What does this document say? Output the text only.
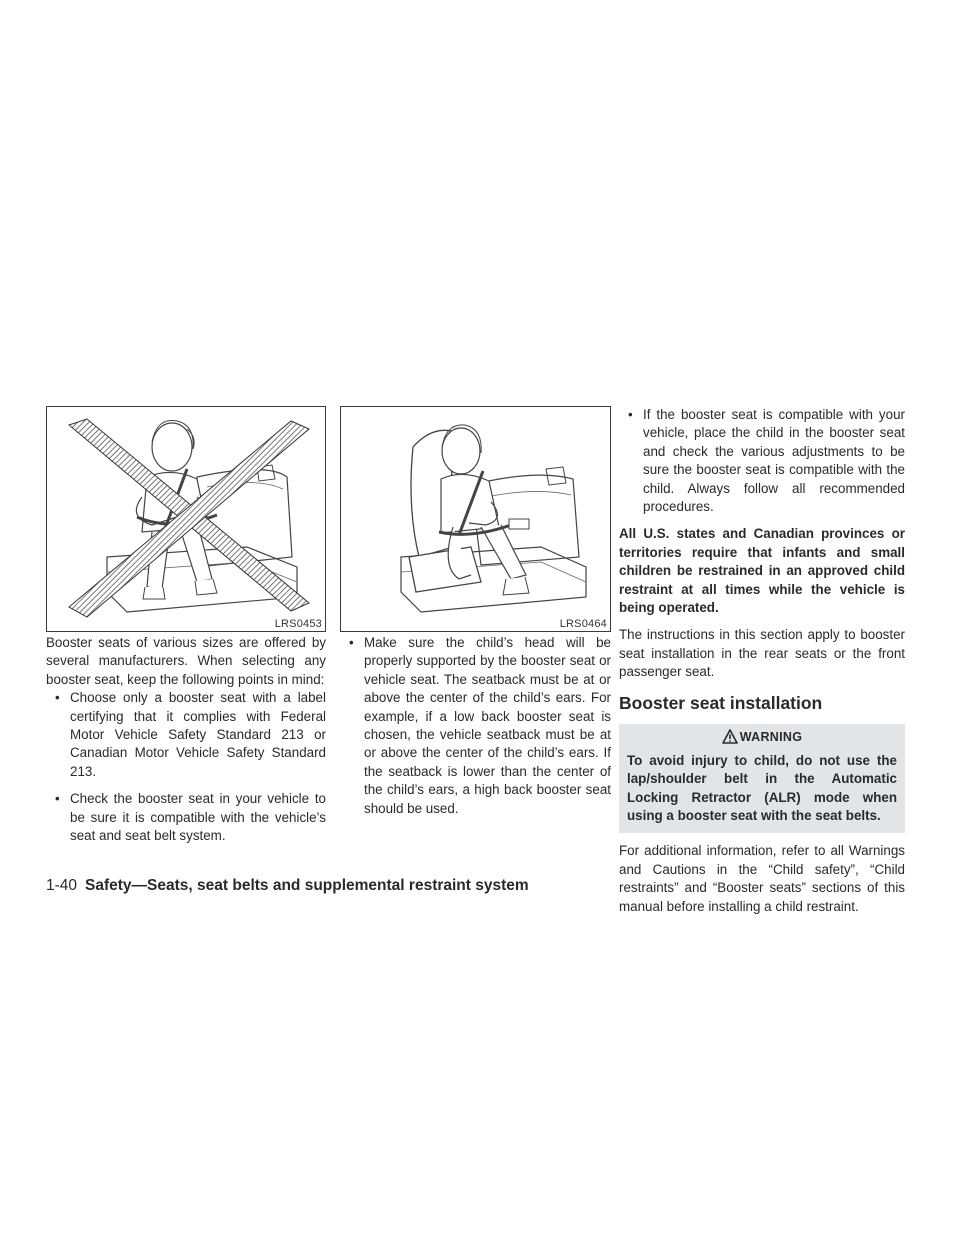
LRS0453	LRS0464

Booster seats of various sizes are offered by several manufacturers. When selecting any booster seat, keep the following points in mind:

• Choose only a booster seat with a label certifying that it complies with Federal Motor Vehicle Safety Standard 213 or Canadian Motor Vehicle Safety Standard 213.
• Check the booster seat in your vehicle to be sure it is compatible with the vehicle’s seat and seat belt system.
• Make sure the child’s head will be properly supported by the booster seat or vehicle seat. The seatback must be at or above the center of the child’s ears. For example, if a low back booster seat is chosen, the vehicle seatback must be at or above the center of the child’s ears. If the seatback is lower than the center of the child’s ears, a high back booster seat should be used.
• If the booster seat is compatible with your vehicle, place the child in the booster seat and check the various adjustments to be sure the booster seat is compatible with the child. Always follow all recommended procedures.

All U.S. states and Canadian provinces or territories require that infants and small children be restrained in an approved child restraint at all times while the vehicle is being operated.

The instructions in this section apply to booster seat installation in the rear seats or the front passenger seat.

Booster seat installation
WARNING

To avoid injury to child, do not use the lap/shoulder belt in the Automatic Locking Retractor (ALR) mode when using a booster seat with the seat belts.

For additional information, refer to all Warnings and Cautions in the “Child safety”, “Child restraints” and “Booster seats” sections of this manual before installing a child restraint.

1-40 Safety—Seats, seat belts and supplemental restraint system
